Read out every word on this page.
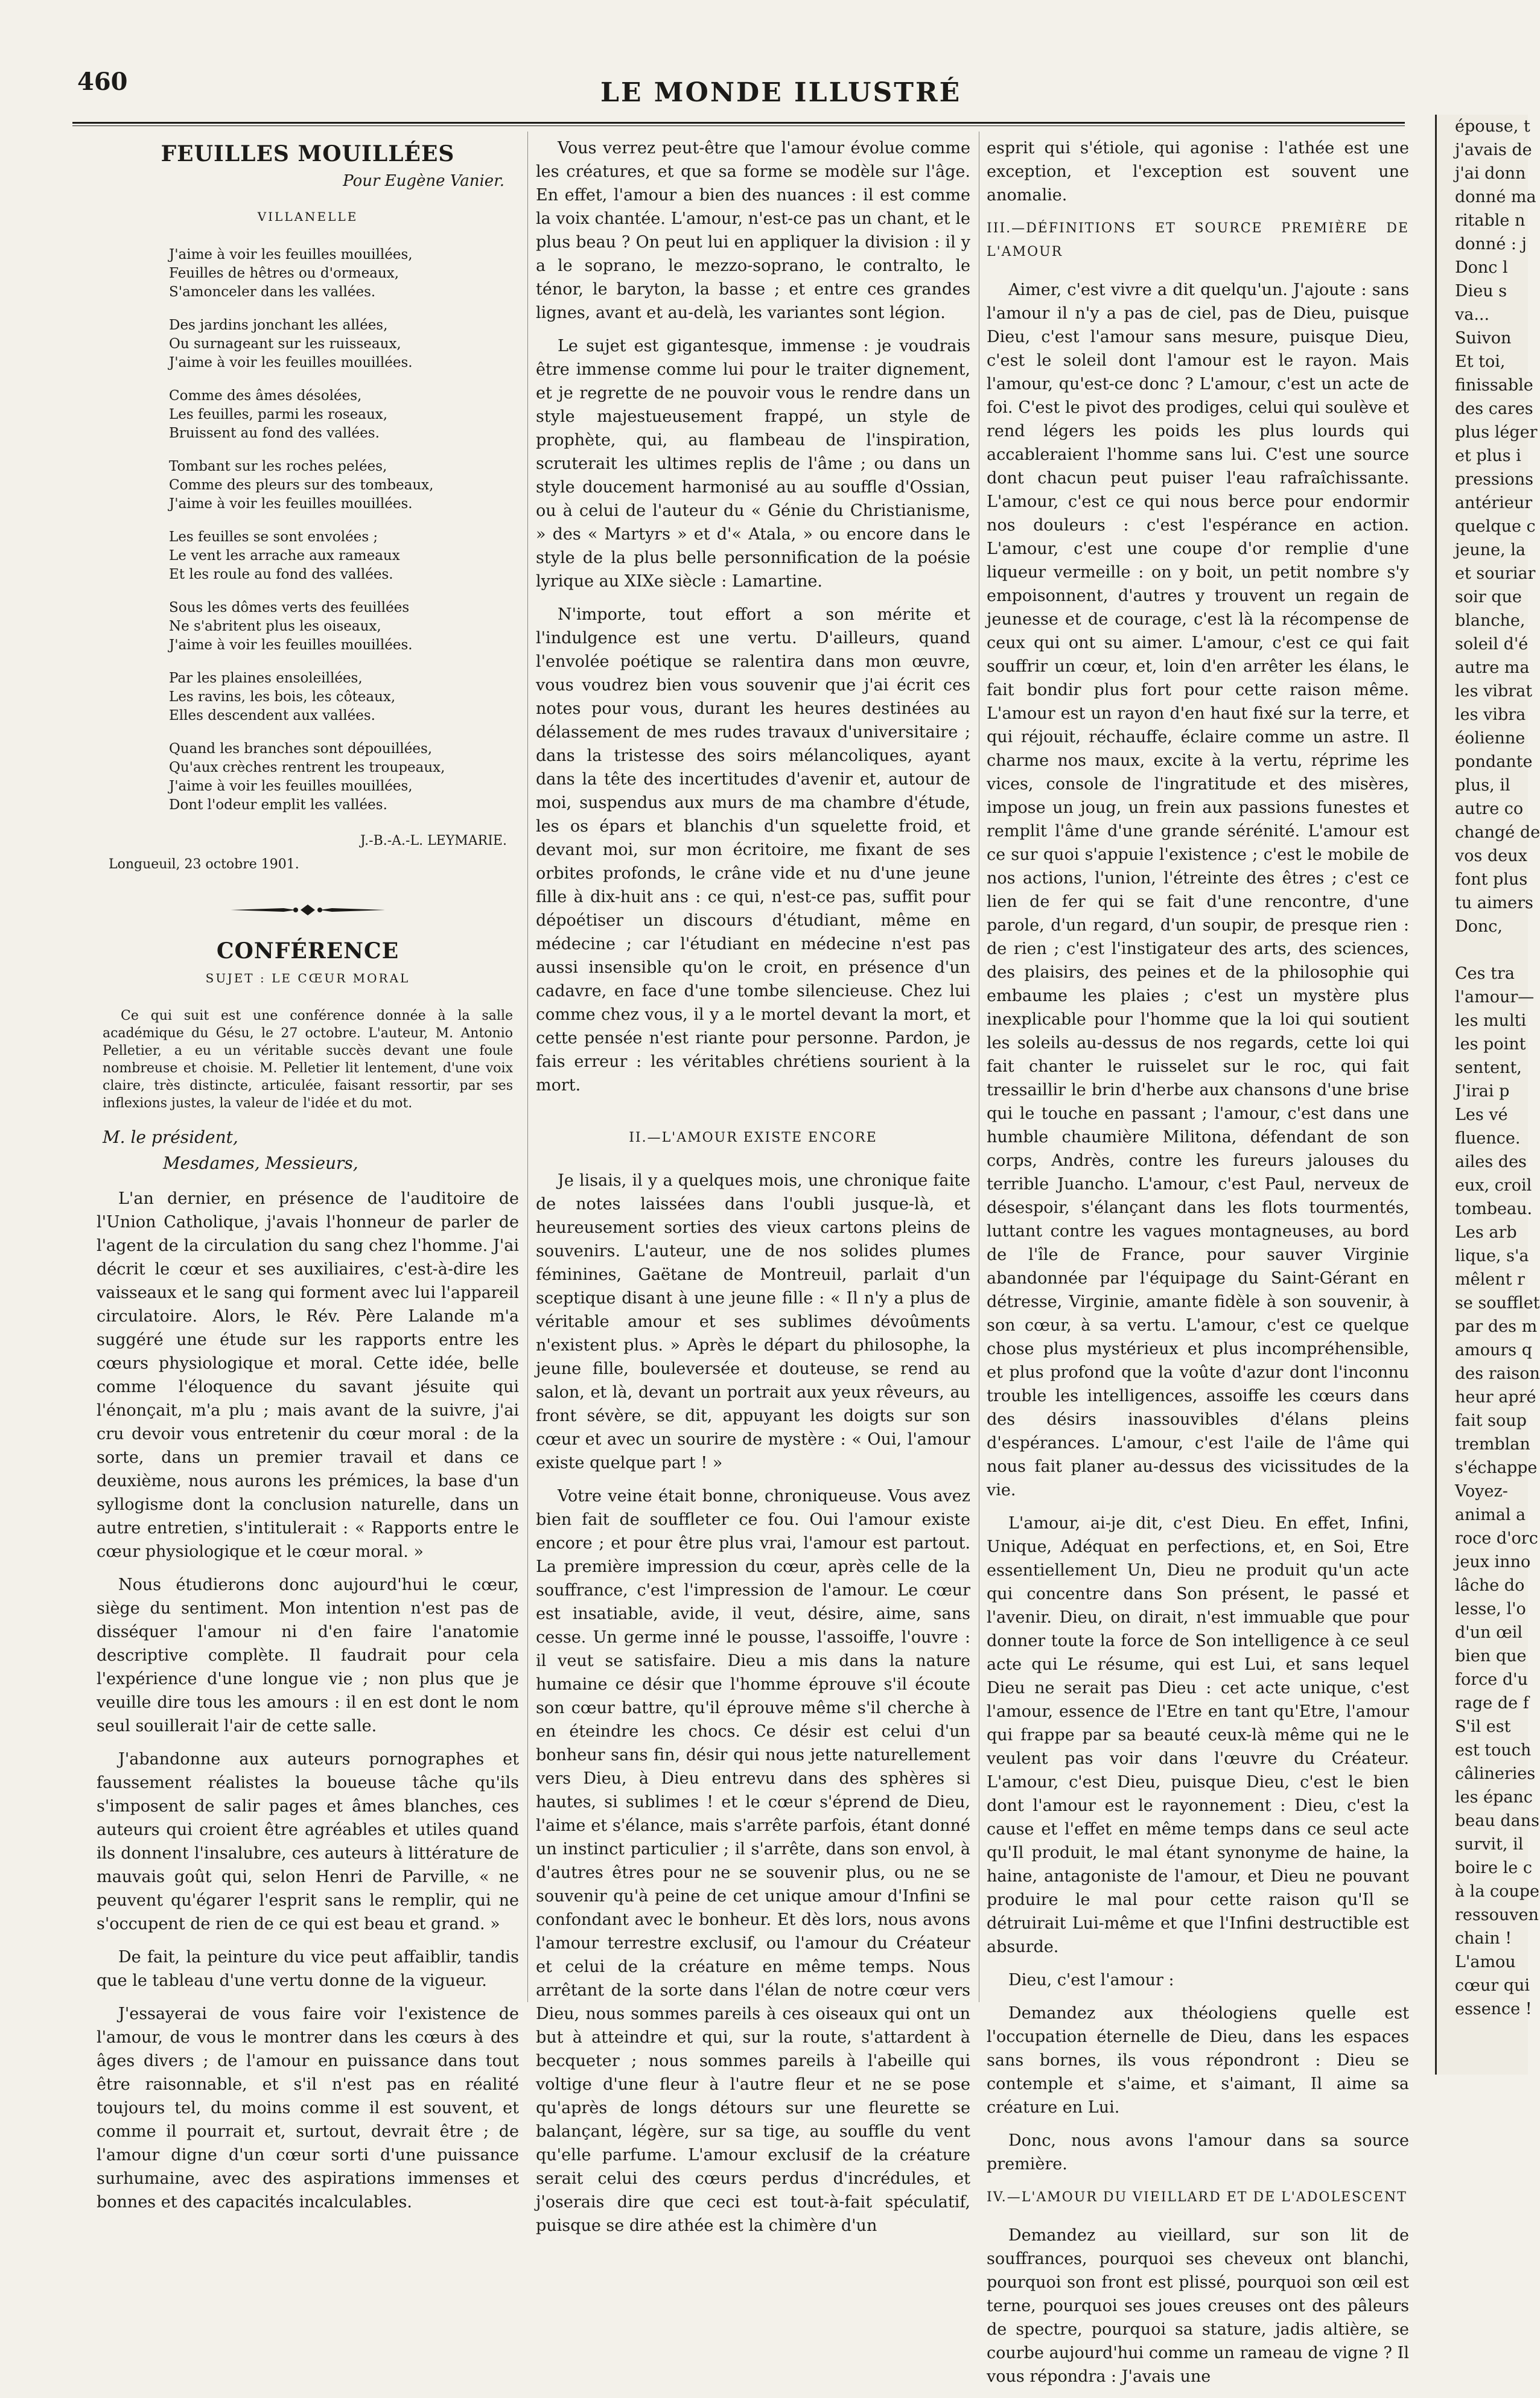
460	LE MONDE ILLUSTRÉ
FEUILLES MOUILLÉES
Pour Eugène Vanier.
VILLANELLE
J'aime à voir les feuilles mouillées,
Feuilles de hêtres ou d'ormeaux,
S'amonceler dans les vallées.
Des jardins jonchant les allées,
Ou surnageant sur les ruisseaux,
J'aime à voir les feuilles mouillées.
Comme des âmes désolées,
Les feuilles, parmi les roseaux,
Bruissent au fond des vallées.
Tombant sur les roches pelées,
Comme des pleurs sur des tombeaux,
J'aime à voir les feuilles mouillées.
Les feuilles se sont envolées ;
Le vent les arrache aux rameaux
Et les roule au fond des vallées.
Sous les dômes verts des feuillées
Ne s'abritent plus les oiseaux,
J'aime à voir les feuilles mouillées.
Par les plaines ensoleillées,
Les ravins, les bois, les côteaux,
Elles descendent aux vallées.
Quand les branches sont dépouillées,
Qu'aux crèches rentrent les troupeaux,
J'aime à voir les feuilles mouillées,
Dont l'odeur emplit les vallées.
J.-B.-A.-L. LEYMARIE.
Longueuil, 23 octobre 1901.
CONFÉRENCE
SUJET : LE CŒUR MORAL
Ce qui suit est une conférence donnée à la salle académique du Gésu, le 27 octobre. L'auteur, M. Antonio Pelletier, a eu un véritable succès devant une foule nombreuse et choisie. M. Pelletier lit lentement, d'une voix claire, très distincte, articulée, faisant ressortir, par ses inflexions justes, la valeur de l'idée et du mot.
M. le président,
Mesdames, Messieurs,

L'an dernier, en présence de l'auditoire de l'Union Catholique, j'avais l'honneur de parler de l'agent de la circulation du sang chez l'homme. J'ai décrit le cœur et ses auxiliaires, c'est-à-dire les vaisseaux et le sang qui forment avec lui l'appareil circulatoire. Alors, le Rév. Père Lalande m'a suggéré une étude sur les rapports entre les cœurs physiologique et moral. Cette idée, belle comme l'éloquence du savant jésuite qui l'énonçait, m'a plu ; mais avant de la suivre, j'ai cru devoir vous entretenir du cœur moral : de la sorte, dans un premier travail et dans ce deuxième, nous aurons les prémices, la base d'un syllogisme dont la conclusion naturelle, dans un autre entretien, s'intitulerait : « Rapports entre le cœur physiologique et le cœur moral. »

Nous étudierons donc aujourd'hui le cœur, siège du sentiment. Mon intention n'est pas de disséquer l'amour ni d'en faire l'anatomie descriptive complète. Il faudrait pour cela l'expérience d'une longue vie ; non plus que je veuille dire tous les amours : il en est dont le nom seul souillerait l'air de cette salle.

J'abandonne aux auteurs pornographes et faussement réalistes la boueuse tâche qu'ils s'imposent de salir pages et âmes blanches, ces auteurs qui croient être agréables et utiles quand ils donnent l'insalubre, ces auteurs à littérature de mauvais goût qui, selon Henri de Parville, « ne peuvent qu'égarer l'esprit sans le remplir, qui ne s'occupent de rien de ce qui est beau et grand. »

De fait, la peinture du vice peut affaiblir, tandis que le tableau d'une vertu donne de la vigueur.

J'essayerai de vous faire voir l'existence de l'amour, de vous le montrer dans les cœurs à des âges divers ; de l'amour en puissance dans tout être raisonnable, et s'il n'est pas en réalité toujours tel, du moins comme il est souvent, et comme il pourrait et, surtout, devrait être ; de l'amour digne d'un cœur sorti d'une puissance surhumaine, avec des aspirations immenses et bonnes et des capacités incalculables.

Vous verrez peut-être que l'amour évolue comme les créatures, et que sa forme se modèle sur l'âge. En effet, l'amour a bien des nuances : il est comme la voix chantée. L'amour, n'est-ce pas un chant, et le plus beau ? On peut lui en appliquer la division : il y a le soprano, le mezzo-soprano, le contralto, le ténor, le baryton, la basse ; et entre ces grandes lignes, avant et au-delà, les variantes sont légion.

Le sujet est gigantesque, immense : je voudrais être immense comme lui pour le traiter dignement, et je regrette de ne pouvoir vous le rendre dans un style majestueusement frappé, un style de prophète, qui, au flambeau de l'inspiration, scruterait les ultimes replis de l'âme ; ou dans un style doucement harmonisé au au souffle d'Ossian, ou à celui de l'auteur du « Génie du Christianisme, » des « Martyrs » et d'« Atala, » ou encore dans le style de la plus belle personnification de la poésie lyrique au XIXe siècle : Lamartine.

N'importe, tout effort a son mérite et l'indulgence est une vertu. D'ailleurs, quand l'envolée poétique se ralentira dans mon œuvre, vous voudrez bien vous souvenir que j'ai écrit ces notes pour vous, durant les heures destinées au délassement de mes rudes travaux d'universitaire ; dans la tristesse des soirs mélancoliques, ayant dans la tête des incertitudes d'avenir et, autour de moi, suspendus aux murs de ma chambre d'étude, les os épars et blanchis d'un squelette froid, et devant moi, sur mon écritoire, me fixant de ses orbites profonds, le crâne vide et nu d'une jeune fille à dix-huit ans : ce qui, n'est-ce pas, suffit pour dépoétiser un discours d'étudiant, même en médecine ; car l'étudiant en médecine n'est pas aussi insensible qu'on le croit, en présence d'un cadavre, en face d'une tombe silencieuse. Chez lui comme chez vous, il y a le mortel devant la mort, et cette pensée n'est riante pour personne. Pardon, je fais erreur : les véritables chrétiens sourient à la mort.

II.—L'AMOUR EXISTE ENCORE

Je lisais, il y a quelques mois, une chronique faite de notes laissées dans l'oubli jusque-là, et heureusement sorties des vieux cartons pleins de souvenirs. L'auteur, une de nos solides plumes féminines, Gaëtane de Montreuil, parlait d'un sceptique disant à une jeune fille : « Il n'y a plus de véritable amour et ses sublimes dévoûments n'existent plus. » Après le départ du philosophe, la jeune fille, bouleversée et douteuse, se rend au salon, et là, devant un portrait aux yeux rêveurs, au front sévère, se dit, appuyant les doigts sur son cœur et avec un sourire de mystère : « Oui, l'amour existe quelque part ! »

Votre veine était bonne, chroniqueuse. Vous avez bien fait de souffleter ce fou. Oui l'amour existe encore ; et pour être plus vrai, l'amour est partout. La première impression du cœur, après celle de la souffrance, c'est l'impression de l'amour. Le cœur est insatiable, avide, il veut, désire, aime, sans cesse. Un germe inné le pousse, l'assoiffe, l'ouvre : il veut se satisfaire. Dieu a mis dans la nature humaine ce désir que l'homme éprouve s'il écoute son cœur battre, qu'il éprouve même s'il cherche à en éteindre les chocs. Ce désir est celui d'un bonheur sans fin, désir qui nous jette naturellement vers Dieu, à Dieu entrevu dans des sphères si hautes, si sublimes ! et le cœur s'éprend de Dieu, l'aime et s'élance, mais s'arrête parfois, étant donné un instinct particulier ; il s'arrête, dans son envol, à d'autres êtres pour ne se souvenir plus, ou ne se souvenir qu'à peine de cet unique amour d'Infini se confondant avec le bonheur. Et dès lors, nous avons l'amour terrestre exclusif, ou l'amour du Créateur et celui de la créature en même temps. Nous arrêtant de la sorte dans l'élan de notre cœur vers Dieu, nous sommes pareils à ces oiseaux qui ont un but à atteindre et qui, sur la route, s'attardent à becqueter ; nous sommes pareils à l'abeille qui voltige d'une fleur à l'autre fleur et ne se pose qu'après de longs détours sur une fleurette se balançant, légère, sur sa tige, au souffle du vent qu'elle parfume. L'amour exclusif de la créature serait celui des cœurs perdus d'incrédules, et j'oserais dire que ceci est tout-à-fait spéculatif, puisque se dire athée est la chimère d'un

esprit qui s'étiole, qui agonise : l'athée est une exception, et l'exception est souvent une anomalie.

III.—DÉFINITIONS ET SOURCE PREMIÈRE DE L'AMOUR

Aimer, c'est vivre a dit quelqu'un. J'ajoute : sans l'amour il n'y a pas de ciel, pas de Dieu, puisque Dieu, c'est l'amour sans mesure, puisque Dieu, c'est le soleil dont l'amour est le rayon. Mais l'amour, qu'est-ce donc ? L'amour, c'est un acte de foi. C'est le pivot des prodiges, celui qui soulève et rend légers les poids les plus lourds qui accableraient l'homme sans lui. C'est une source dont chacun peut puiser l'eau rafraîchissante. L'amour, c'est ce qui nous berce pour endormir nos douleurs : c'est l'espérance en action. L'amour, c'est une coupe d'or remplie d'une liqueur vermeille : on y boit, un petit nombre s'y empoisonnent, d'autres y trouvent un regain de jeunesse et de courage, c'est là la récompense de ceux qui ont su aimer. L'amour, c'est ce qui fait souffrir un cœur, et, loin d'en arrêter les élans, le fait bondir plus fort pour cette raison même. L'amour est un rayon d'en haut fixé sur la terre, et qui réjouit, réchauffe, éclaire comme un astre. Il charme nos maux, excite à la vertu, réprime les vices, console de l'ingratitude et des misères, impose un joug, un frein aux passions funestes et remplit l'âme d'une grande sérénité. L'amour est ce sur quoi s'appuie l'existence ; c'est le mobile de nos actions, l'union, l'étreinte des êtres ; c'est ce lien de fer qui se fait d'une rencontre, d'une parole, d'un regard, d'un soupir, de presque rien : de rien ; c'est l'instigateur des arts, des sciences, des plaisirs, des peines et de la philosophie qui embaume les plaies ; c'est un mystère plus inexplicable pour l'homme que la loi qui soutient les soleils au-dessus de nos regards, cette loi qui fait chanter le ruisselet sur le roc, qui fait tressaillir le brin d'herbe aux chansons d'une brise qui le touche en passant ; l'amour, c'est dans une humble chaumière Militona, défendant de son corps, Andrès, contre les fureurs jalouses du terrible Juancho. L'amour, c'est Paul, nerveux de désespoir, s'élançant dans les flots tourmentés, luttant contre les vagues montagneuses, au bord de l'île de France, pour sauver Virginie abandonnée par l'équipage du Saint-Gérant en détresse, Virginie, amante fidèle à son souvenir, à son cœur, à sa vertu. L'amour, c'est ce quelque chose plus mystérieux et plus incompréhensible, et plus profond que la voûte d'azur dont l'inconnu trouble les intelligences, assoiffe les cœurs dans des désirs inassouvibles d'élans pleins d'espérances. L'amour, c'est l'aile de l'âme qui nous fait planer au-dessus des vicissitudes de la vie.

L'amour, ai-je dit, c'est Dieu. En effet, Infini, Unique, Adéquat en perfections, et, en Soi, Etre essentiellement Un, Dieu ne produit qu'un acte qui concentre dans Son présent, le passé et l'avenir. Dieu, on dirait, n'est immuable que pour donner toute la force de Son intelligence à ce seul acte qui Le résume, qui est Lui, et sans lequel Dieu ne serait pas Dieu : cet acte unique, c'est l'amour, essence de l'Etre en tant qu'Etre, l'amour qui frappe par sa beauté ceux-là même qui ne le veulent pas voir dans l'œuvre du Créateur. L'amour, c'est Dieu, puisque Dieu, c'est le bien dont l'amour est le rayonnement : Dieu, c'est la cause et l'effet en même temps dans ce seul acte qu'Il produit, le mal étant synonyme de haine, la haine, antagoniste de l'amour, et Dieu ne pouvant produire le mal pour cette raison qu'Il se détruirait Lui-même et que l'Infini destructible est absurde.

Dieu, c'est l'amour :

Demandez aux théologiens quelle est l'occupation éternelle de Dieu, dans les espaces sans bornes, ils vous répondront : Dieu se contemple et s'aime, et s'aimant, Il aime sa créature en Lui.

Donc, nous avons l'amour dans sa source première.

IV.—L'AMOUR DU VIEILLARD ET DE L'ADOLESCENT

Demandez au vieillard, sur son lit de souffrances, pourquoi ses cheveux ont blanchi, pourquoi son front est plissé, pourquoi son œil est terne, pourquoi ses joues creuses ont des pâleurs de spectre, pourquoi sa stature, jadis altière, se courbe aujourd'hui comme un rameau de vigne ? Il vous répondra : J'avais une

épouse, t
j'avais de
j'ai donn
donné ma
ritable n
donné : j
Donc l
Dieu s
va...
Suivon
Et toi,
finissable
des cares
plus léger
et plus i
pressions
antérieur
quelque c
jeune, la
et souriar
soir que
blanche,
soleil d'é
autre ma
les vibrat
les vibra
éolienne
pondante
plus, il
autre co
changé de
vos deux
font plus
tu aimers
Donc,

Ces tra
l'amour—
les multi
les point
sentent,
J'irai p
Les vé
fluence.
ailes des
eux, croil
tombeau.
Les arb
lique, s'a
mêlent r
se soufflet
par des m
amours q
des raison
heur apré
fait soup
tremblan
s'échappe
Voyez-
animal a
roce d'orc
jeux inno
lâche do
lesse, l'o
d'un œil
bien que
force d'u
rage de f
S'il est
est touch
câlineries
les épanc
beau dans
survit, il
boire le c
à la coupe
ressouven
chain !
L'amou
cœur qui
essence !
